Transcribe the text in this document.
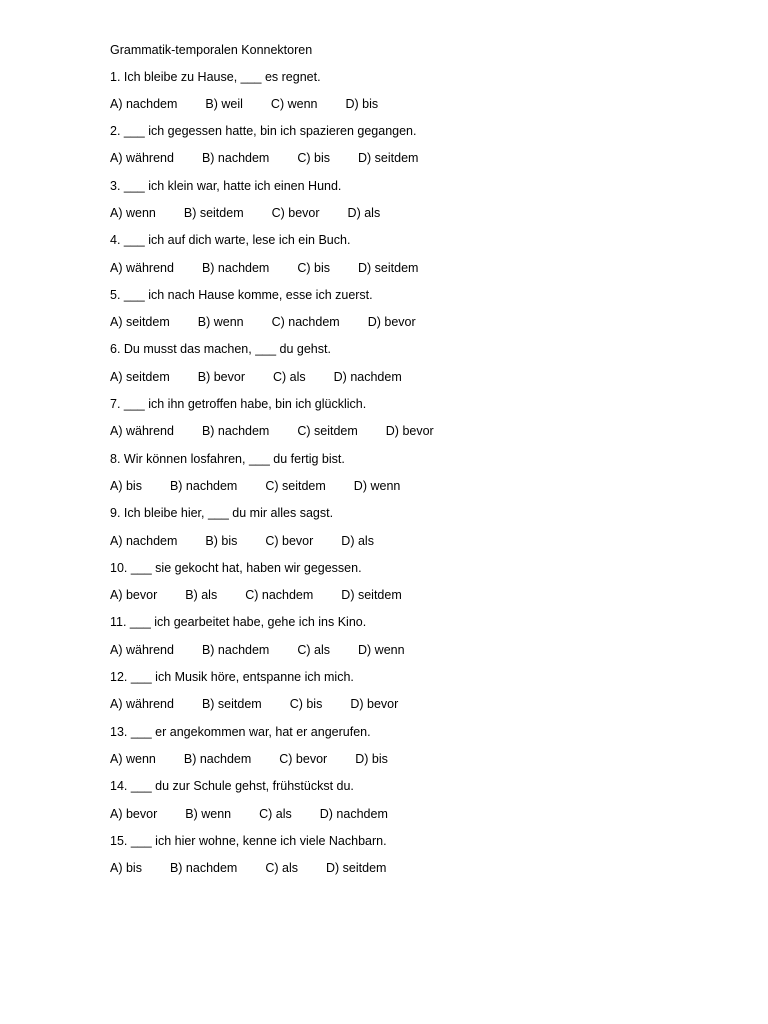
Grammatik-temporalen Konnektoren
1. Ich bleibe zu Hause, ___ es regnet.
A) nachdem B) weil C) wenn D) bis
2. ___ ich gegessen hatte, bin ich spazieren gegangen.
A) während B) nachdem C) bis D) seitdem
3. ___ ich klein war, hatte ich einen Hund.
A) wenn B) seitdem C) bevor D) als
4. ___ ich auf dich warte, lese ich ein Buch.
A) während B) nachdem C) bis D) seitdem
5. ___ ich nach Hause komme, esse ich zuerst.
A) seitdem B) wenn C) nachdem D) bevor
6. Du musst das machen, ___ du gehst.
A) seitdem B) bevor C) als D) nachdem
7. ___ ich ihn getroffen habe, bin ich glücklich.
A) während B) nachdem C) seitdem D) bevor
8. Wir können losfahren, ___ du fertig bist.
A) bis B) nachdem C) seitdem D) wenn
9. Ich bleibe hier, ___ du mir alles sagst.
A) nachdem B) bis C) bevor D) als
10. ___ sie gekocht hat, haben wir gegessen.
A) bevor B) als C) nachdem D) seitdem
11. ___ ich gearbeitet habe, gehe ich ins Kino.
A) während B) nachdem C) als D) wenn
12. ___ ich Musik höre, entspanne ich mich.
A) während B) seitdem C) bis D) bevor
13. ___ er angekommen war, hat er angerufen.
A) wenn B) nachdem C) bevor D) bis
14. ___ du zur Schule gehst, frühstückst du.
A) bevor B) wenn C) als D) nachdem
15. ___ ich hier wohne, kenne ich viele Nachbarn.
A) bis B) nachdem C) als D) seitdem
